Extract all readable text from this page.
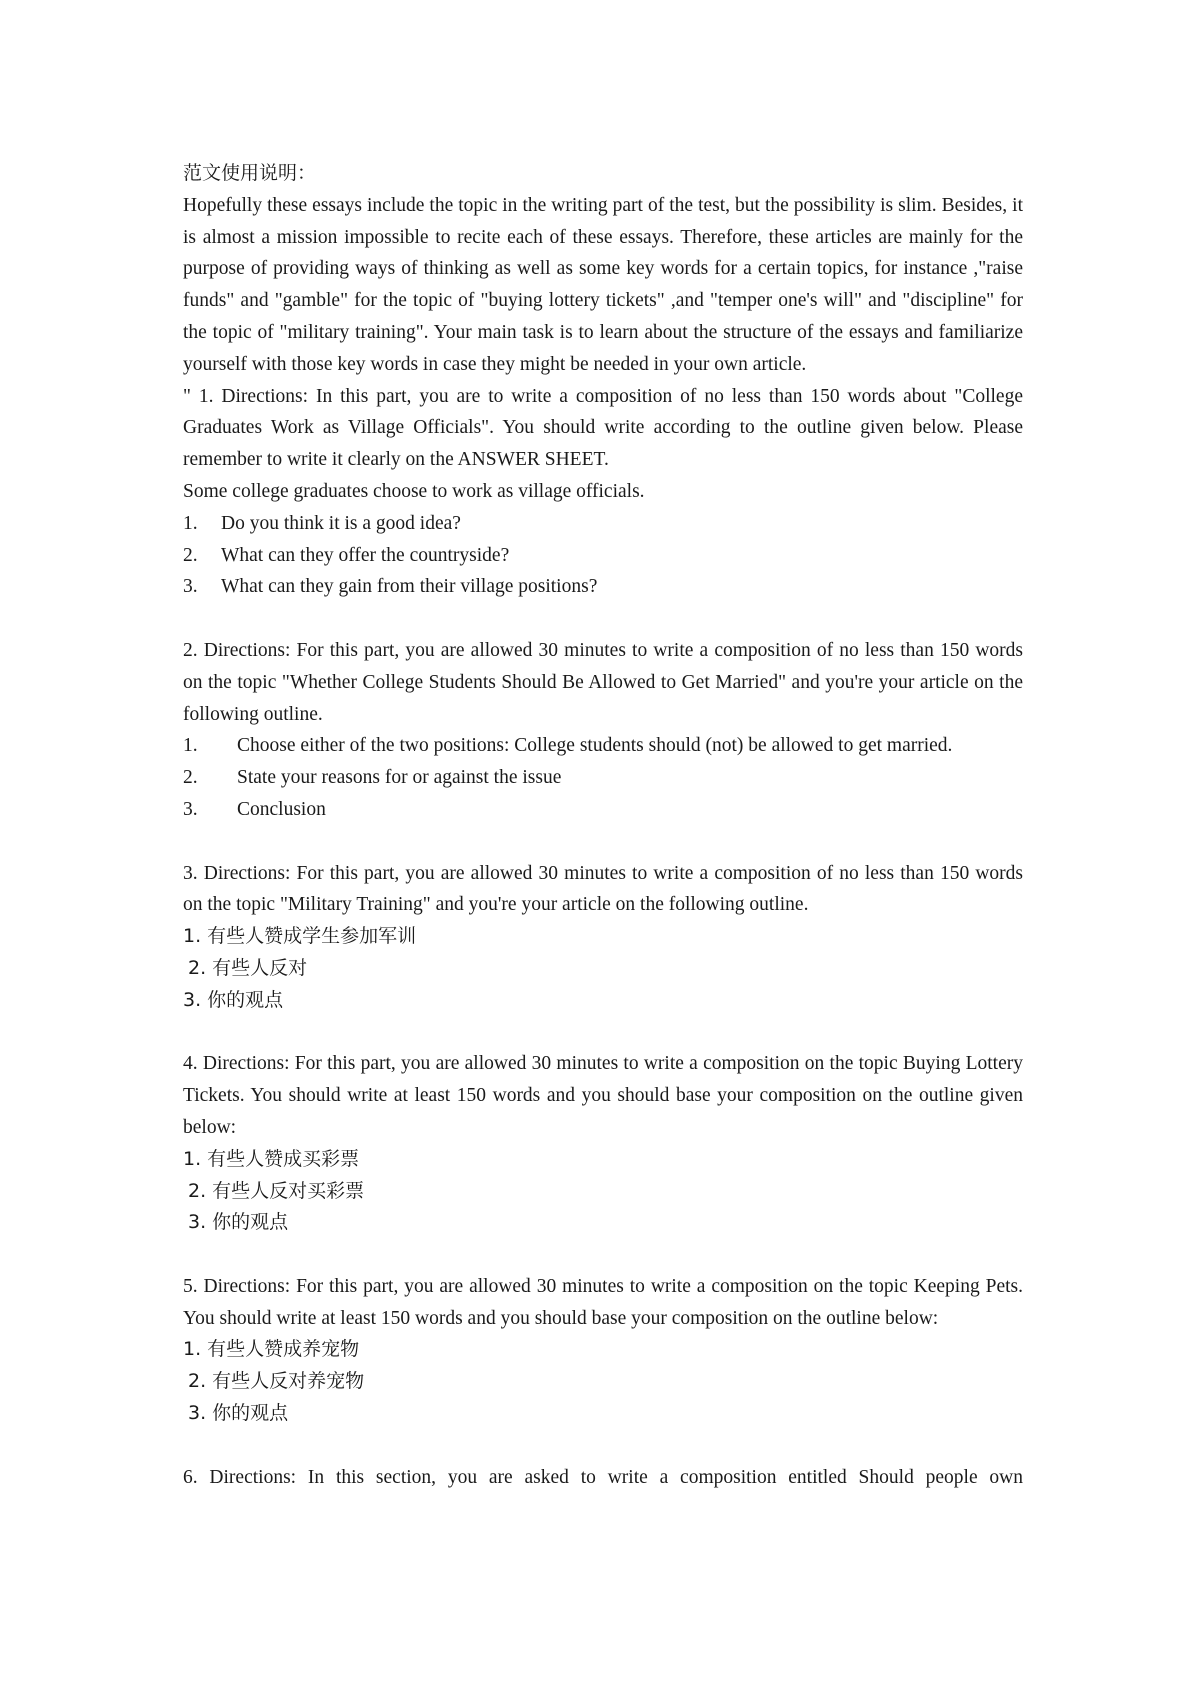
范文使用说明：

Hopefully these essays include the topic in the writing part of the test, but the possibility is slim. Besides, it is almost a mission impossible to recite each of these essays. Therefore, these articles are mainly for the purpose of providing ways of thinking as well as some key words for a certain topics, for instance ,"raise funds" and "gamble" for the topic of "buying lottery tickets" ,and "temper one's will" and "discipline" for the topic of "military training". Your main task is to learn about the structure of the essays and familiarize yourself with those key words in case they might be needed in your own article.

" 1. Directions: In this part, you are to write a composition of no less than 150 words about "College Graduates Work as Village Officials". You should write according to the outline given below. Please remember to write it clearly on the ANSWER SHEET.

Some college graduates choose to work as village officials.

1.	Do you think it is a good idea?
2.	What can they offer the countryside?
3.	What can they gain from their village positions?

2. Directions: For this part, you are allowed 30 minutes to write a composition of no less than 150 words on the topic "Whether College Students Should Be Allowed to Get Married" and you're your article on the following outline.

1.	Choose either of the two positions: College students should (not) be allowed to get married.
2.	State your reasons for or against the issue
3.	Conclusion

3. Directions: For this part, you are allowed 30 minutes to write a composition of no less than 150 words on the topic "Military Training" and you're your article on the following outline.

1. 有些人赞成学生参加军训

2. 有些人反对

3. 你的观点

4. Directions: For this part, you are allowed 30 minutes to write a composition on the topic Buying Lottery Tickets. You should write at least 150 words and you should base your composition on the outline given below:

1. 有些人赞成买彩票

2. 有些人反对买彩票

3. 你的观点

5. Directions: For this part, you are allowed 30 minutes to write a composition on the topic Keeping Pets. You should write at least 150 words and you should base your composition on the outline below:

1. 有些人赞成养宠物

2. 有些人反对养宠物

3. 你的观点

6. Directions: In this section, you are asked to write a composition entitled Should people own
